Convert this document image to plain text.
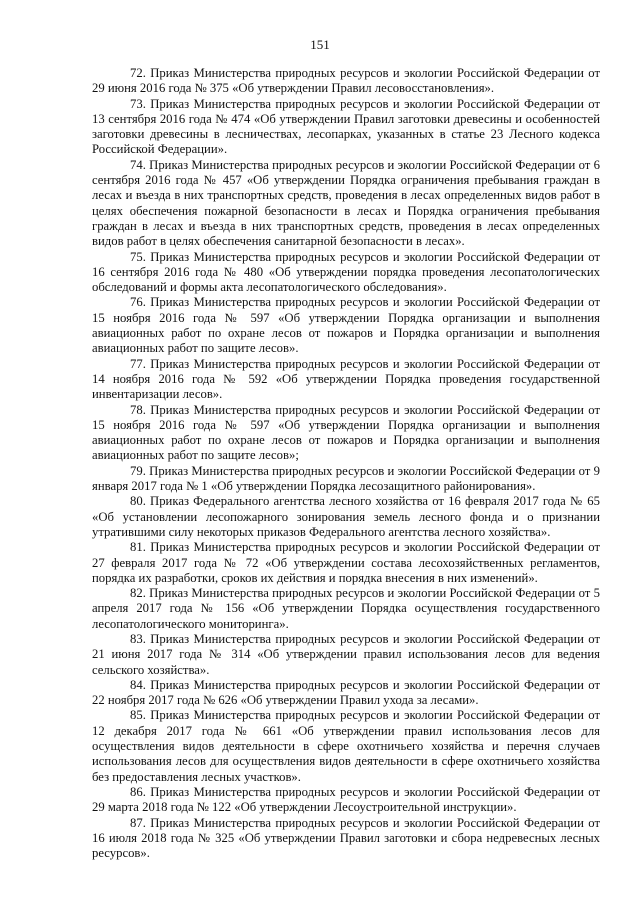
151

72. Приказ Министерства природных ресурсов и экологии Российской Федерации от 29 июня 2016 года № 375 «Об утверждении Правил лесовосстановления».

73. Приказ Министерства природных ресурсов и экологии Российской Федерации от 13 сентября 2016 года № 474 «Об утверждении Правил заготовки древесины и особенностей заготовки древесины в лесничествах, лесопарках, указанных в статье 23 Лесного кодекса Российской Федерации».

74. Приказ Министерства природных ресурсов и экологии Российской Федерации от 6 сентября 2016 года № 457 «Об утверждении Порядка ограничения пребывания граждан в лесах и въезда в них транспортных средств, проведения в лесах определенных видов работ в целях обеспечения пожарной безопасности в лесах и Порядка ограничения пребывания граждан в лесах и въезда в них транспортных средств, проведения в лесах определенных видов работ в целях обеспечения санитарной безопасности в лесах».

75. Приказ Министерства природных ресурсов и экологии Российской Федерации от 16 сентября 2016 года № 480 «Об утверждении порядка проведения лесопатологических обследований и формы акта лесопатологического обследования».

76. Приказ Министерства природных ресурсов и экологии Российской Федерации от 15 ноября 2016 года № 597 «Об утверждении Порядка организации и выполнения авиационных работ по охране лесов от пожаров и Порядка организации и выполнения авиационных работ по защите лесов».

77. Приказ Министерства природных ресурсов и экологии Российской Федерации от 14 ноября 2016 года № 592 «Об утверждении Порядка проведения государственной инвентаризации лесов».

78. Приказ Министерства природных ресурсов и экологии Российской Федерации от 15 ноября 2016 года № 597 «Об утверждении Порядка организации и выполнения авиационных работ по охране лесов от пожаров и Порядка организации и выполнения авиационных работ по защите лесов»;

79. Приказ Министерства природных ресурсов и экологии Российской Федерации от 9 января 2017 года № 1 «Об утверждении Порядка лесозащитного районирования».

80. Приказ Федерального агентства лесного хозяйства от 16 февраля 2017 года № 65 «Об установлении лесопожарного зонирования земель лесного фонда и о признании утратившими силу некоторых приказов Федерального агентства лесного хозяйства».

81. Приказ Министерства природных ресурсов и экологии Российской Федерации от 27 февраля 2017 года № 72 «Об утверждении состава лесохозяйственных регламентов, порядка их разработки, сроков их действия и порядка внесения в них изменений».

82. Приказ Министерства природных ресурсов и экологии Российской Федерации от 5 апреля 2017 года № 156 «Об утверждении Порядка осуществления государственного лесопатологического мониторинга».

83. Приказ Министерства природных ресурсов и экологии Российской Федерации от 21 июня 2017 года № 314 «Об утверждении правил использования лесов для ведения сельского хозяйства».

84. Приказ Министерства природных ресурсов и экологии Российской Федерации от 22 ноября 2017 года № 626 «Об утверждении Правил ухода за лесами».

85. Приказ Министерства природных ресурсов и экологии Российской Федерации от 12 декабря 2017 года № 661 «Об утверждении правил использования лесов для осуществления видов деятельности в сфере охотничьего хозяйства и перечня случаев использования лесов для осуществления видов деятельности в сфере охотничьего хозяйства без предоставления лесных участков».

86. Приказ Министерства природных ресурсов и экологии Российской Федерации от 29 марта 2018 года № 122 «Об утверждении Лесоустроительной инструкции».

87. Приказ Министерства природных ресурсов и экологии Российской Федерации от 16 июля 2018 года № 325 «Об утверждении Правил заготовки и сбора недревесных лесных ресурсов».
